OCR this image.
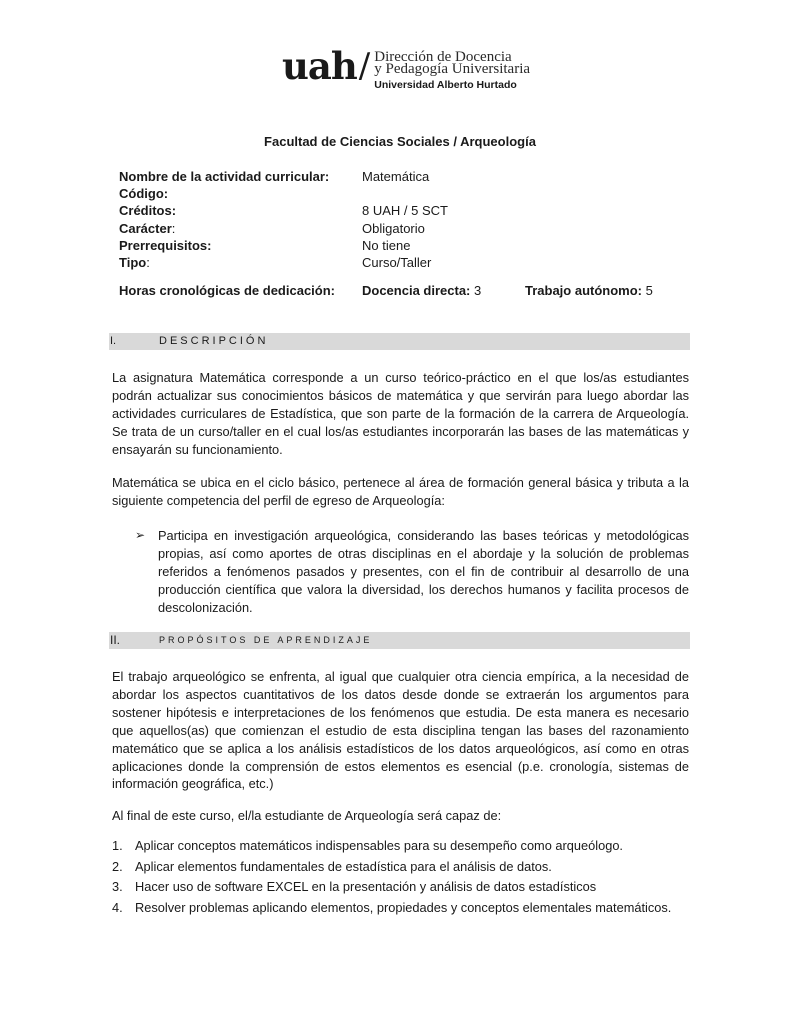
uah / Dirección de Docencia
y Pedagogía Universitaria
Universidad Alberto Hurtado
Facultad de Ciencias Sociales / Arqueología
Nombre de la actividad curricular:	Matemática
Código:
Créditos:	8 UAH / 5 SCT
Carácter:	Obligatorio
Prerrequisitos:	No tiene
Tipo:	Curso/Taller
Horas cronológicas de dedicación:	Docencia directa: 3	Trabajo autónomo: 5
I.	DESCRIPCIÓN

La asignatura Matemática corresponde a un curso teórico-práctico en el que los/as estudiantes podrán actualizar sus conocimientos básicos de matemática y que servirán para luego abordar las actividades curriculares de Estadística, que son parte de la formación de la carrera de Arqueología. Se trata de un curso/taller en el cual los/as estudiantes incorporarán las bases de las matemáticas y ensayarán su funcionamiento.

Matemática se ubica en el ciclo básico, pertenece al área de formación general básica y tributa a la siguiente competencia del perfil de egreso de Arqueología:

➢	Participa en investigación arqueológica, considerando las bases teóricas y metodológicas propias, así como aportes de otras disciplinas en el abordaje y la solución de problemas referidos a fenómenos pasados y presentes, con el fin de contribuir al desarrollo de una producción científica que valora la diversidad, los derechos humanos y facilita procesos de descolonización.
II.	PROPÓSITOS DE APRENDIZAJE

El trabajo arqueológico se enfrenta, al igual que cualquier otra ciencia empírica, a la necesidad de abordar los aspectos cuantitativos de los datos desde donde se extraerán los argumentos para sostener hipótesis e interpretaciones de los fenómenos que estudia. De esta manera es necesario que aquellos(as) que comienzan el estudio de esta disciplina tengan las bases del razonamiento matemático que se aplica a los análisis estadísticos de los datos arqueológicos, así como en otras aplicaciones donde la comprensión de estos elementos es esencial (p.e. cronología, sistemas de información geográfica, etc.)

Al final de este curso, el/la estudiante de Arqueología será capaz de:

1. Aplicar conceptos matemáticos indispensables para su desempeño como arqueólogo.
2. Aplicar elementos fundamentales de estadística para el análisis de datos.
3. Hacer uso de software EXCEL en la presentación y análisis de datos estadísticos
4. Resolver problemas aplicando elementos, propiedades y conceptos elementales matemáticos.
